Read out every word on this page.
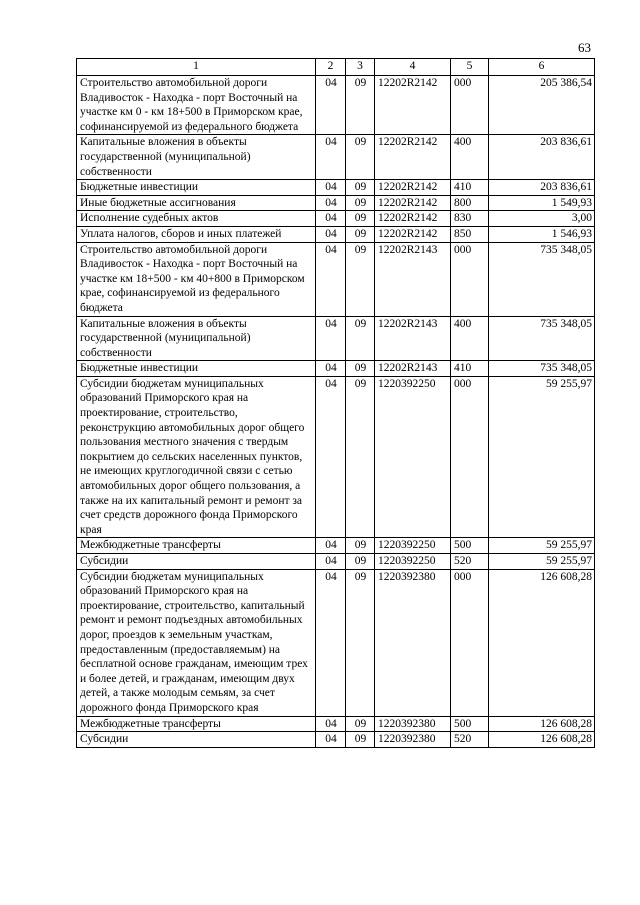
63
1	2	3	4	5	6
Строительство автомобильной дороги Владивосток - Находка - порт Восточный на участке км 0 - км 18+500 в Приморском крае, софинансируемой из федерального бюджета	04	09	12202R2142	000	205 386,54
Капитальные вложения в объекты государственной (муниципальной) собственности	04	09	12202R2142	400	203 836,61
Бюджетные инвестиции	04	09	12202R2142	410	203 836,61
Иные бюджетные ассигнования	04	09	12202R2142	800	1 549,93
Исполнение судебных актов	04	09	12202R2142	830	3,00
Уплата налогов, сборов и иных платежей	04	09	12202R2142	850	1 546,93
Строительство автомобильной дороги Владивосток - Находка - порт Восточный на участке км 18+500 - км 40+800 в Приморском крае, софинансируемой из федерального бюджета	04	09	12202R2143	000	735 348,05
Капитальные вложения в объекты государственной (муниципальной) собственности	04	09	12202R2143	400	735 348,05
Бюджетные инвестиции	04	09	12202R2143	410	735 348,05
Субсидии бюджетам муниципальных образований Приморского края на проектирование, строительство, реконструкцию автомобильных дорог общего пользования местного значения с твердым покрытием до сельских населенных пунктов, не имеющих круглогодичной связи с сетью автомобильных дорог общего пользования, а также на их капитальный ремонт и ремонт за счет средств дорожного фонда Приморского края	04	09	1220392250	000	59 255,97
Межбюджетные трансферты	04	09	1220392250	500	59 255,97
Субсидии	04	09	1220392250	520	59 255,97
Субсидии бюджетам муниципальных образований Приморского края на проектирование, строительство, капитальный ремонт и ремонт подъездных автомобильных дорог, проездов к земельным участкам, предоставленным (предоставляемым) на бесплатной основе гражданам, имеющим трех и более детей, и гражданам, имеющим двух детей, а также молодым семьям, за счет дорожного фонда Приморского края	04	09	1220392380	000	126 608,28
Межбюджетные трансферты	04	09	1220392380	500	126 608,28
Субсидии	04	09	1220392380	520	126 608,28
